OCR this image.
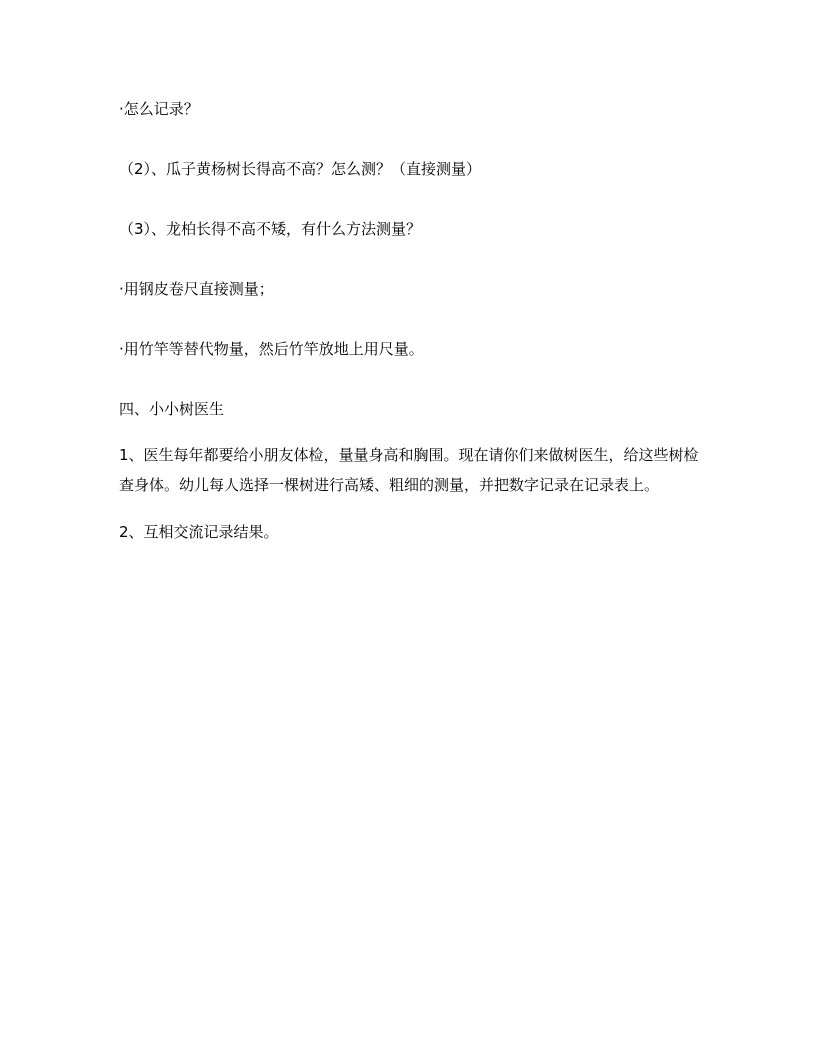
·怎么记录？

（2）、瓜子黄杨树长得高不高？怎么测？（直接测量）

（3）、龙柏长得不高不矮，有什么方法测量？

·用钢皮卷尺直接测量；

·用竹竿等替代物量，然后竹竿放地上用尺量。

四、小小树医生

1、医生每年都要给小朋友体检，量量身高和胸围。现在请你们来做树医生，给这些树检查身体。幼儿每人选择一棵树进行高矮、粗细的测量，并把数字记录在记录表上。

2、互相交流记录结果。
